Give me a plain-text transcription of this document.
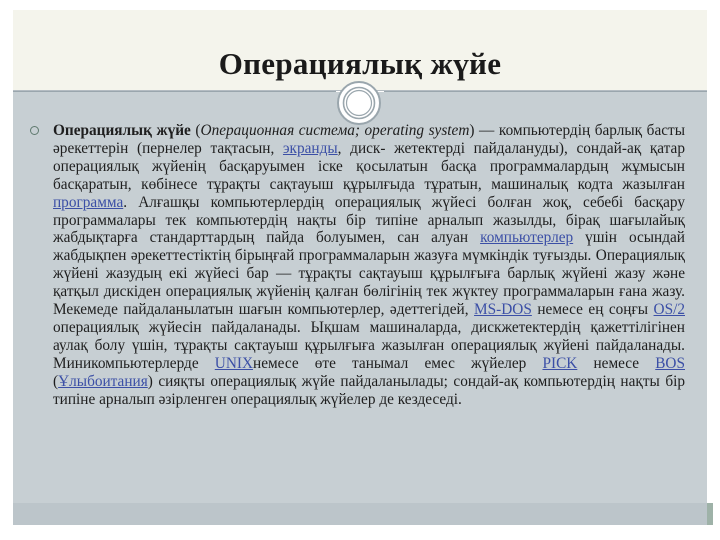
Операциялық жүйе

Операциялық жүйе (Операционная система; operating system) — компьютердің барлық басты әрекеттерін (пернелер тақтасын, экранды, диск- жетектерді пайдалануды), сондай-ақ қатар операциялық жүйенің басқаруымен іске қосылатын басқа программалардың жұмысын басқаратын, көбінесе тұрақты сақтауыш құрылғыда тұратын, машиналық кодта жазылған программа. Алғашқы компьютерлердің операциялық жүйесі болған жоқ, себебі басқару программалары тек компьютердің нақты бір типіне арналып жазылды, бірақ шағылайық жабдықтарға стандарттардың пайда болуымен, сан алуан компьютерлер үшін осындай жабдықпен әрекеттестіктің бірыңғай программаларын жазуға мүмкіндік туғызды. Операциялық жүйені жазудың екі жүйесі бар — тұрақты сақтауыш құрылғыға барлық жүйені жазу және қатқыл дискіден операциялық жүйенің қалған бөлігінің тек жүктеу программаларын ғана жазу. Мекемеде пайдаланылатын шағын компьютерлер, әдеттегідей, MS-DOS немесе ең соңғы OS/2 операциялық жүйесін пайдаланады. Ықшам машиналарда, дискжетектердің қажеттілігінен аулақ болу үшін, тұрақты сақтауыш құрылғыға жазылған операциялық жүйені пайдаланады. Миникомпьютерлерде UNIXнемесе өте танымал емес жүйелер PICK немесе BOS (Ұлыбоитания) сияқты операциялық жүйе пайдаланылады; сондай-ақ компьютердің нақты бір типіне арналып әзірленген операциялық жүйелер де кездеседі.
